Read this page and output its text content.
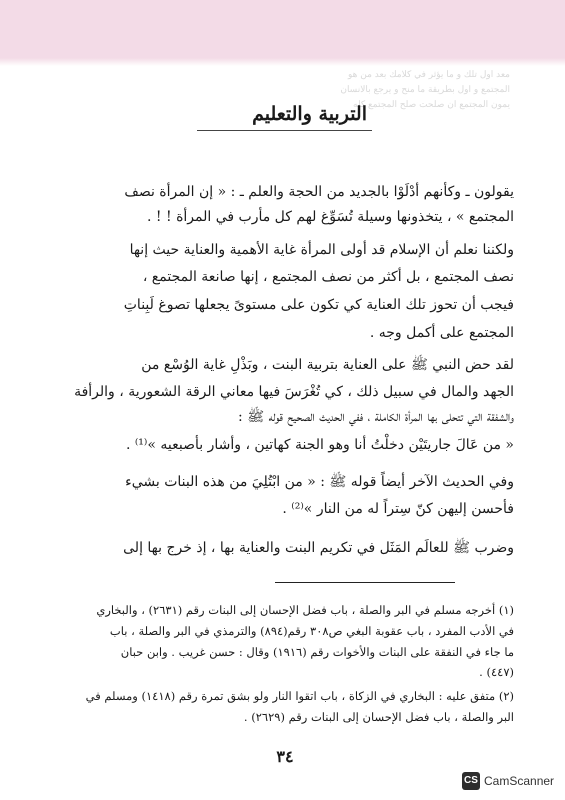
معد اول تلك و ما يؤثر في كلامك بعد من هو
المجتمع و اول بطريقة ما منح و يرجع بالانسان
يمون المجتمع ان صلحت صلح المجتمع كله
التربية والتعليم
يقولون ـ وكأنهم أدْلَوْا بالجديد من الحجة والعلم ـ : « إن المرأة نصف
المجتمع » ، يتخذونها وسيلة تُسَوِّغ لهم كل مأرب في المرأة ! ! .
ولكننا نعلم أن الإسلام قد أولى المرأة غاية الأهمية والعناية حيث إنها
نصف المجتمع ، بل أكثر من نصف المجتمع ، إنها صانعة المجتمع ،
فيجب أن تحوز تلك العناية كي تكون على مستوىً يجعلها تصوغ لَبِناتِ
المجتمع على أكمل وجه .
لقد حض النبي ﷺ على العناية بتربية البنت ، وبَذْلِ غاية الوُسْع من
الجهد والمال في سبيل ذلك ، كي تُغْرَسَ فيها معاني الرقة الشعورية ، والرأفة
والشفقة التي تتحلى بها المرأة الكاملة ، ففي الحديث الصحيح قوله ﷺ :
« من عَالَ جاريتَيْن دخلْتُ أنا وهو الجنة كهاتين ، وأشار بأصبعيه »⁽¹⁾ .
وفي الحديث الآخر أيضاً قوله ﷺ : « من ابْتُلِيَ من هذه البنات بشيء
فأحسن إليهن كنّ سِتراً له من النار »⁽²⁾ .
وضرب ﷺ للعالَم المَثَل في تكريم البنت والعناية بها ، إذ خرج بها إلى
(١) أخرجه مسلم في البر والصلة ، باب فضل الإحسان إلى البنات رقم (٢٦٣١) ، والبخاري
في الأدب المفرد ، باب عقوبة البغي ص٣٠٨ رقم(٨٩٤) والترمذي في البر والصلة ، باب
ما جاء في النفقة على البنات والأخوات رقم (١٩١٦) وقال : حسن غريب . وابن حبان
(٤٤٧) .
(٢) متفق عليه : البخاري في الزكاة ، باب اتقوا النار ولو بشق تمرة رقم (١٤١٨) ومسلم في
البر والصلة ، باب فضل الإحسان إلى البنات رقم (٢٦٢٩) .
٣٤
CS CamScanner
